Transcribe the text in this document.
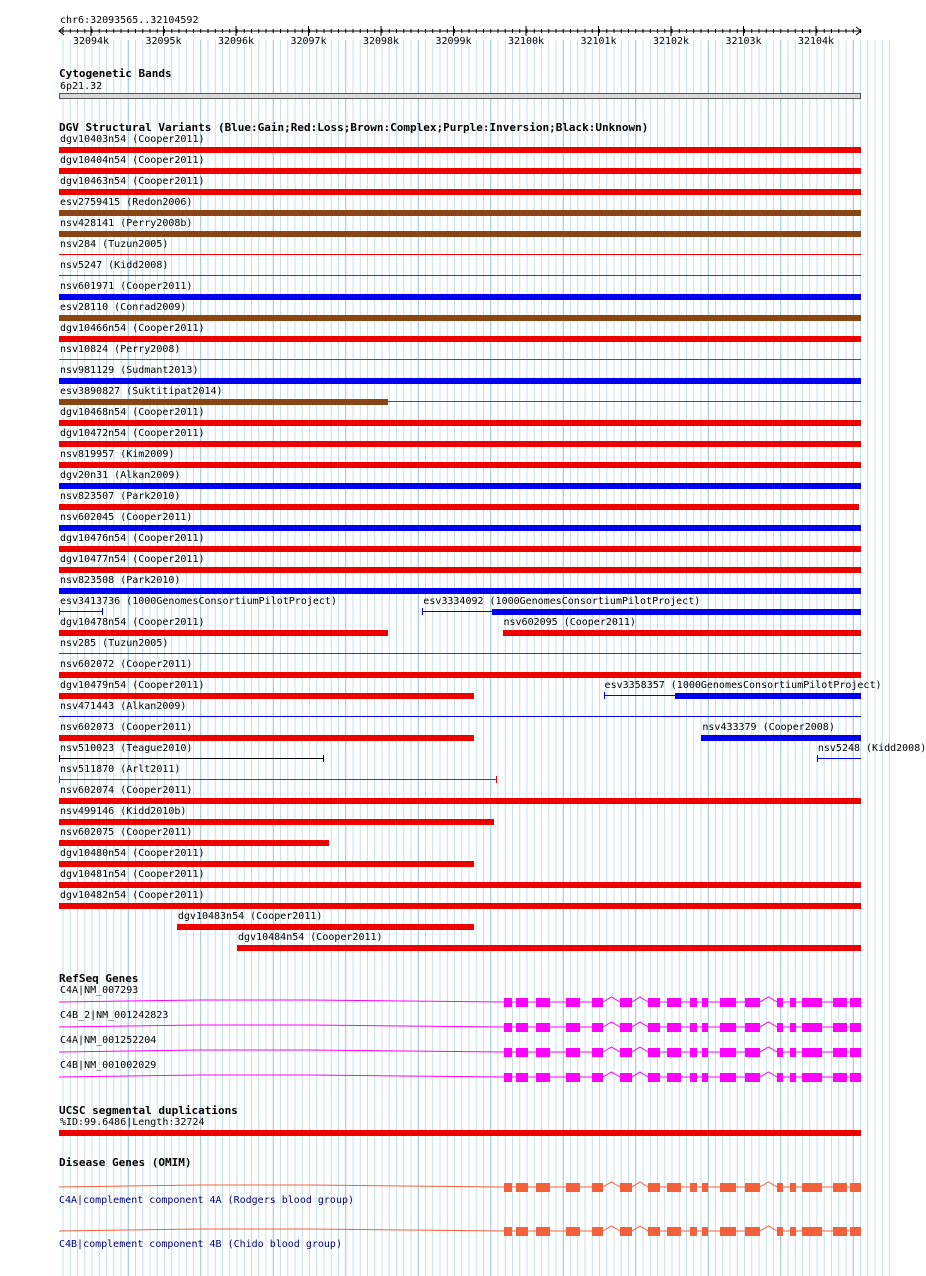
chr6:32093565..32104592
32094k	32095k	32096k	32097k	32098k	32099k	32100k	32101k	32102k	32103k	32104k
Cytogenetic Bands
6p21.32
DGV Structural Variants (Blue:Gain;Red:Loss;Brown:Complex;Purple:Inversion;Black:Unknown)
dgv10403n54 (Cooper2011)
dgv10404n54 (Cooper2011)
dgv10463n54 (Cooper2011)
esv2759415 (Redon2006)
nsv428141 (Perry2008b)
nsv284 (Tuzun2005)
nsv5247 (Kidd2008)
nsv601971 (Cooper2011)
esv28110 (Conrad2009)
dgv10466n54 (Cooper2011)
nsv10824 (Perry2008)
nsv981129 (Sudmant2013)
esv3890827 (Suktitipat2014)
dgv10468n54 (Cooper2011)
dgv10472n54 (Cooper2011)
nsv819957 (Kim2009)
dgv20n31 (Alkan2009)
nsv823507 (Park2010)
nsv602045 (Cooper2011)
dgv10476n54 (Cooper2011)
dgv10477n54 (Cooper2011)
nsv823508 (Park2010)
esv3413736 (1000GenomesConsortiumPilotProject)	esv3334092 (1000GenomesConsortiumPilotProject)
dgv10478n54 (Cooper2011)	nsv602095 (Cooper2011)
nsv285 (Tuzun2005)
nsv602072 (Cooper2011)
dgv10479n54 (Cooper2011)	esv3358357 (1000GenomesConsortiumPilotProject)
nsv471443 (Alkan2009)
nsv602073 (Cooper2011)	nsv433379 (Cooper2008)
nsv510023 (Teague2010)	nsv5248 (Kidd2008)
nsv511870 (Arlt2011)
nsv602074 (Cooper2011)
nsv499146 (Kidd2010b)
nsv602075 (Cooper2011)
dgv10480n54 (Cooper2011)
dgv10481n54 (Cooper2011)
dgv10482n54 (Cooper2011)
dgv10483n54 (Cooper2011)
dgv10484n54 (Cooper2011)
RefSeq Genes
C4A|NM_007293
C4B_2|NM_001242823
C4A|NM_001252204
C4B|NM_001002029
UCSC segmental duplications
%ID:99.6486|Length:32724
Disease Genes (OMIM)
C4A|complement component 4A (Rodgers blood group)
C4B|complement component 4B (Chido blood group)
